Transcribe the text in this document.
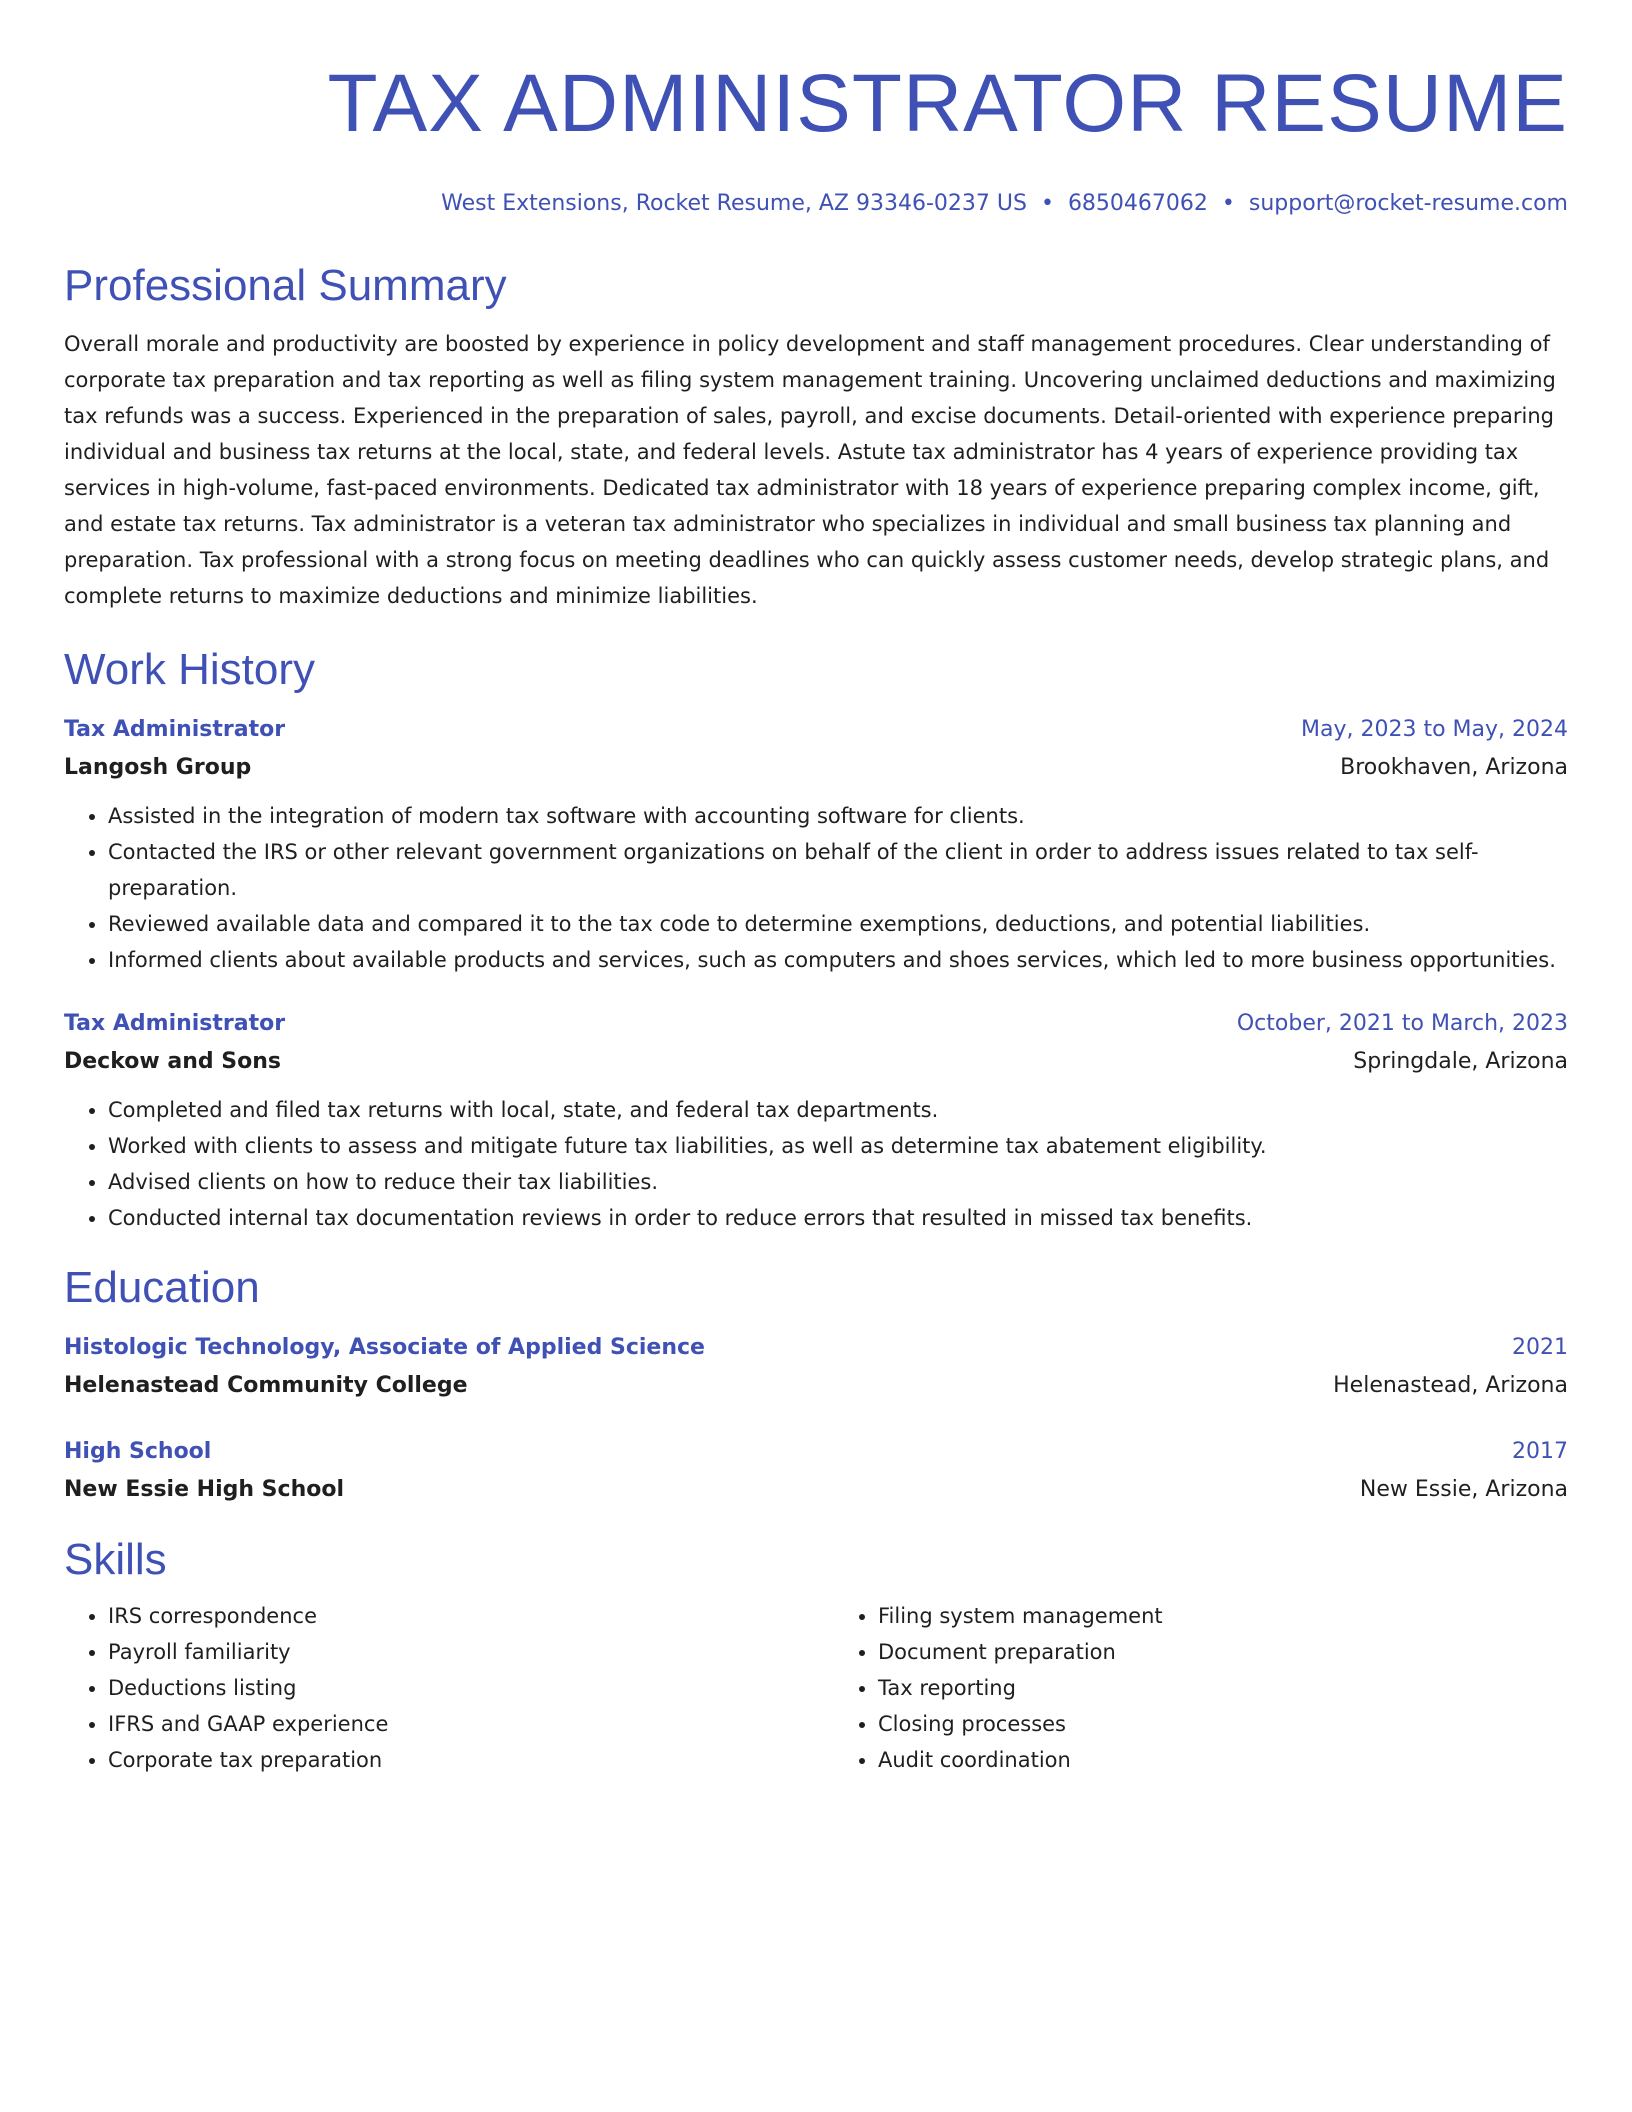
TAX ADMINISTRATOR RESUME
West Extensions, Rocket Resume, AZ 93346-0237 US • 6850467062 • support@rocket-resume.com
Professional Summary
Overall morale and productivity are boosted by experience in policy development and staff management procedures. Clear understanding of corporate tax preparation and tax reporting as well as filing system management training. Uncovering unclaimed deductions and maximizing tax refunds was a success. Experienced in the preparation of sales, payroll, and excise documents. Detail-oriented with experience preparing individual and business tax returns at the local, state, and federal levels. Astute tax administrator has 4 years of experience providing tax services in high-volume, fast-paced environments. Dedicated tax administrator with 18 years of experience preparing complex income, gift, and estate tax returns. Tax administrator is a veteran tax administrator who specializes in individual and small business tax planning and preparation. Tax professional with a strong focus on meeting deadlines who can quickly assess customer needs, develop strategic plans, and complete returns to maximize deductions and minimize liabilities.
Work History
Tax Administrator	May, 2023 to May, 2024
Langosh Group	Brookhaven, Arizona
• Assisted in the integration of modern tax software with accounting software for clients.
• Contacted the IRS or other relevant government organizations on behalf of the client in order to address issues related to tax self-preparation.
• Reviewed available data and compared it to the tax code to determine exemptions, deductions, and potential liabilities.
• Informed clients about available products and services, such as computers and shoes services, which led to more business opportunities.
Tax Administrator	October, 2021 to March, 2023
Deckow and Sons	Springdale, Arizona
• Completed and filed tax returns with local, state, and federal tax departments.
• Worked with clients to assess and mitigate future tax liabilities, as well as determine tax abatement eligibility.
• Advised clients on how to reduce their tax liabilities.
• Conducted internal tax documentation reviews in order to reduce errors that resulted in missed tax benefits.
Education
Histologic Technology, Associate of Applied Science	2021
Helenastead Community College	Helenastead, Arizona
High School	2017
New Essie High School	New Essie, Arizona
Skills
• IRS correspondence
• Payroll familiarity
• Deductions listing
• IFRS and GAAP experience
• Corporate tax preparation
• Filing system management
• Document preparation
• Tax reporting
• Closing processes
• Audit coordination
